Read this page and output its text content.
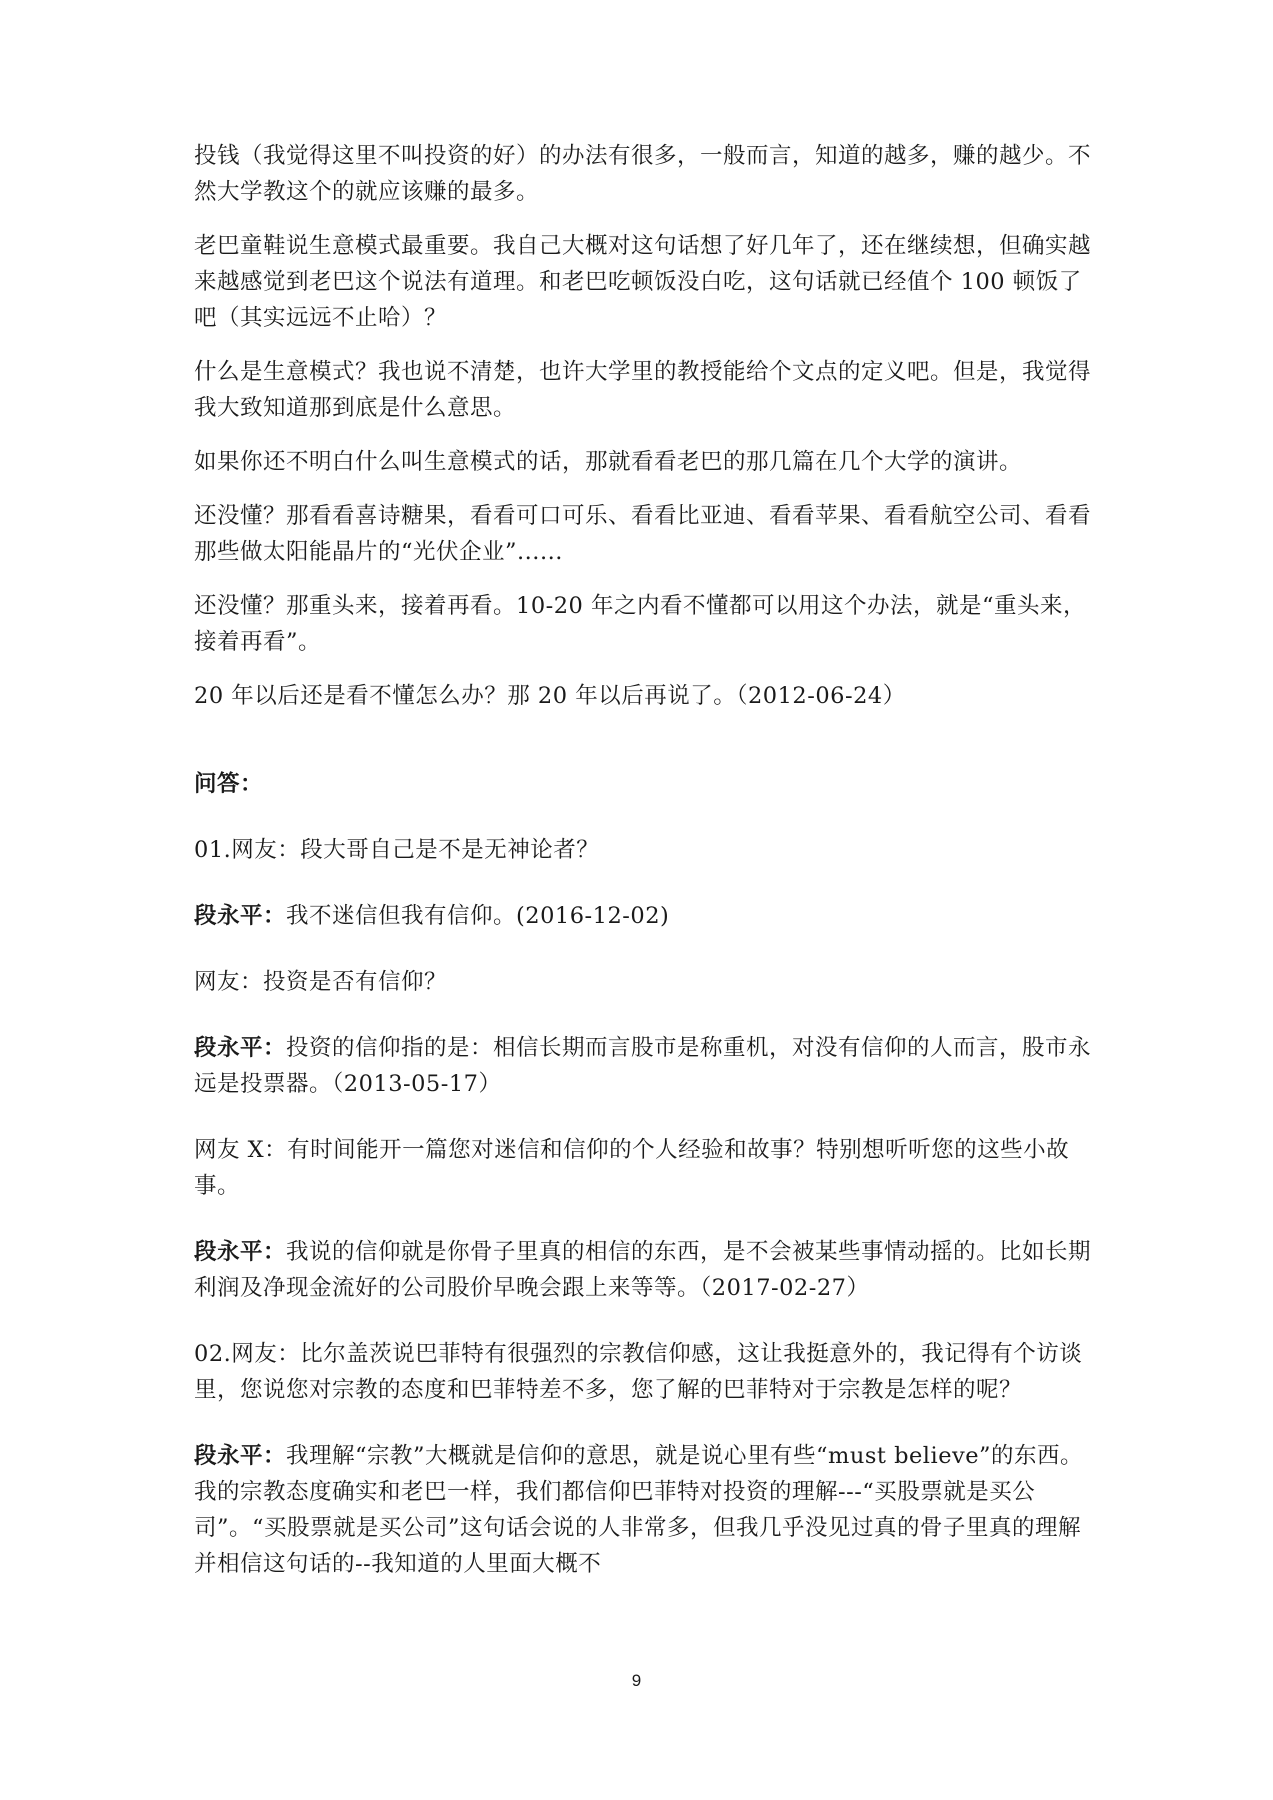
投钱（我觉得这里不叫投资的好）的办法有很多，一般而言，知道的越多，赚的越少。不然大学教这个的就应该赚的最多。

老巴童鞋说生意模式最重要。我自己大概对这句话想了好几年了，还在继续想，但确实越来越感觉到老巴这个说法有道理。和老巴吃顿饭没白吃，这句话就已经值个 100 顿饭了吧（其实远远不止哈）？

什么是生意模式？我也说不清楚，也许大学里的教授能给个文点的定义吧。但是，我觉得我大致知道那到底是什么意思。

如果你还不明白什么叫生意模式的话，那就看看老巴的那几篇在几个大学的演讲。

还没懂？那看看喜诗糖果，看看可口可乐、看看比亚迪、看看苹果、看看航空公司、看看那些做太阳能晶片的“光伏企业”......

还没懂？那重头来，接着再看。10-20 年之内看不懂都可以用这个办法，就是“重头来，接着再看”。

20 年以后还是看不懂怎么办？那 20 年以后再说了。（2012-06-24）

问答：

01.网友：段大哥自己是不是无神论者？

段永平：我不迷信但我有信仰。(2016-12-02)

网友：投资是否有信仰？

段永平：投资的信仰指的是：相信长期而言股市是称重机，对没有信仰的人而言，股市永远是投票器。（2013-05-17）

网友 X：有时间能开一篇您对迷信和信仰的个人经验和故事？特别想听听您的这些小故事。

段永平：我说的信仰就是你骨子里真的相信的东西，是不会被某些事情动摇的。比如长期利润及净现金流好的公司股价早晚会跟上来等等。（2017-02-27）

02.网友：比尔盖茨说巴菲特有很强烈的宗教信仰感，这让我挺意外的，我记得有个访谈里，您说您对宗教的态度和巴菲特差不多，您了解的巴菲特对于宗教是怎样的呢？

段永平：我理解“宗教”大概就是信仰的意思，就是说心里有些“must believe”的东西。我的宗教态度确实和老巴一样，我们都信仰巴菲特对投资的理解---“买股票就是买公司”。“买股票就是买公司”这句话会说的人非常多，但我几乎没见过真的骨子里真的理解并相信这句话的--我知道的人里面大概不

9
